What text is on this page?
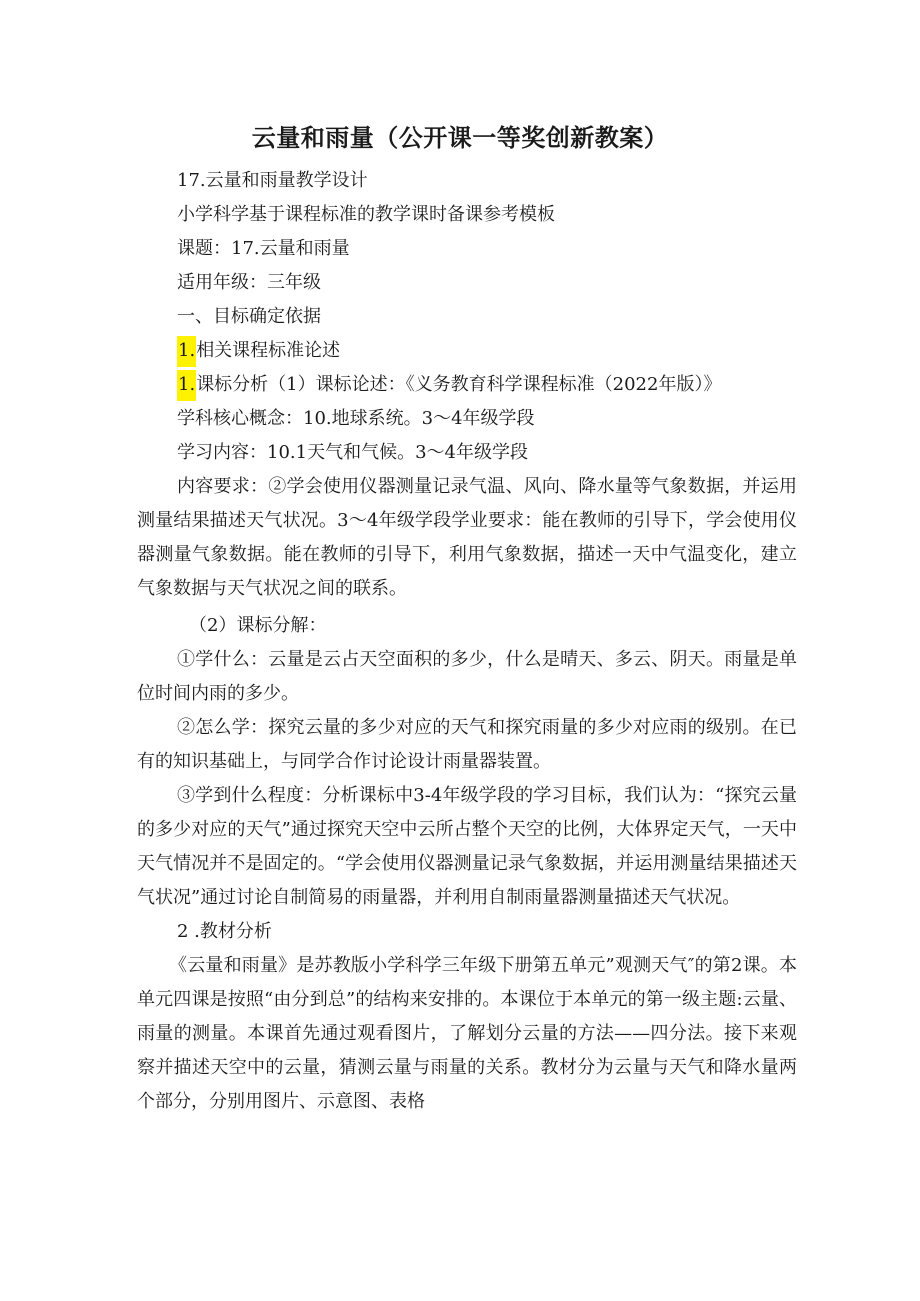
云量和雨量（公开课一等奖创新教案）

17.云量和雨量教学设计

小学科学基于课程标准的教学课时备课参考模板

课题：17.云量和雨量

适用年级：三年级

一、目标确定依据

1.相关课程标准论述

1.课标分析（1）课标论述：《义务教育科学课程标准（2022年版）》

学科核心概念：10.地球系统。3～4年级学段

学习内容：10.1天气和气候。3～4年级学段

内容要求：②学会使用仪器测量记录气温、风向、降水量等气象数据，并运用测量结果描述天气状况。3～4年级学段学业要求：能在教师的引导下，学会使用仪器测量气象数据。能在教师的引导下，利用气象数据，描述一天中气温变化，建立气象数据与天气状况之间的联系。

（2）课标分解：

①学什么：云量是云占天空面积的多少，什么是晴天、多云、阴天。雨量是单位时间内雨的多少。

②怎么学：探究云量的多少对应的天气和探究雨量的多少对应雨的级别。在已有的知识基础上，与同学合作讨论设计雨量器装置。

③学到什么程度：分析课标中3-4年级学段的学习目标，我们认为：“探究云量的多少对应的天气”通过探究天空中云所占整个天空的比例，大体界定天气，一天中天气情况并不是固定的。“学会使用仪器测量记录气象数据，并运用测量结果描述天气状况”通过讨论自制简易的雨量器，并利用自制雨量器测量描述天气状况。

2 .教材分析

《云量和雨量》是苏教版小学科学三年级下册第五单元”观测天气″的第2课。本单元四课是按照“由分到总”的结构来安排的。本课位于本单元的第一级主题:云量、雨量的测量。本课首先通过观看图片，了解划分云量的方法——四分法。接下来观察并描述天空中的云量，猜测云量与雨量的关系。教材分为云量与天气和降水量两个部分，分别用图片、示意图、表格
